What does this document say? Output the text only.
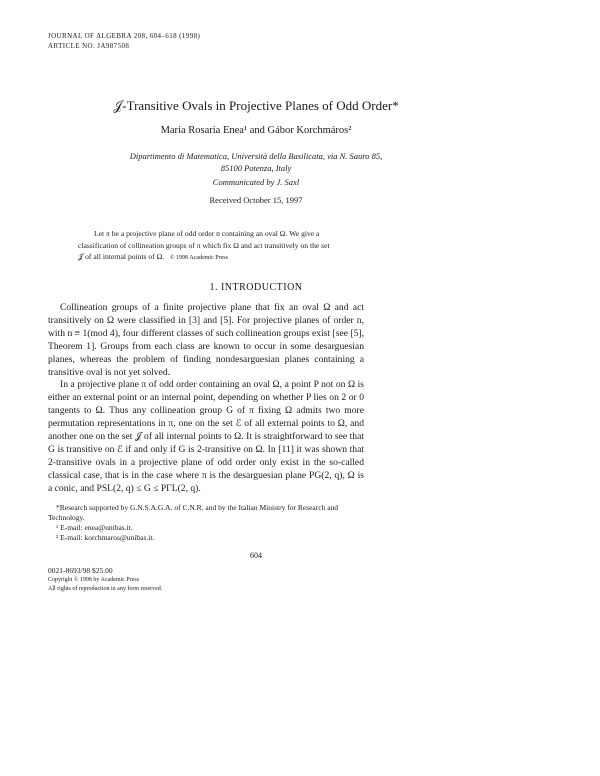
JOURNAL OF ALGEBRA 208, 604–618 (1998)
ARTICLE NO. JA987508
𝒥-Transitive Ovals in Projective Planes of Odd Order*
Maria Rosaria Enea¹ and Gábor Korchmáros²
Dipartimento di Matematica, Università della Basilicata, via N. Sauro 85,
85100 Potenza, Italy
Communicated by J. Saxl
Received October 15, 1997
Let π be a projective plane of odd order n containing an oval Ω. We give a
classification of collineation groups of π which fix Ω and act transitively on the set
𝒥 of all internal points of Ω. © 1998 Academic Press
1. INTRODUCTION

Collineation groups of a finite projective plane that fix an oval Ω and act transitively on Ω were classified in [3] and [5]. For projective planes of order n, with n ≡ 1(mod 4), four different classes of such collineation groups exist [see [5], Theorem 1]. Groups from each class are known to occur in some desarguesian planes, whereas the problem of finding nondesarguesian planes containing a transitive oval is not yet solved.

In a projective plane π of odd order containing an oval Ω, a point P not on Ω is either an external point or an internal point, depending on whether P lies on 2 or 0 tangents to Ω. Thus any collineation group G of π fixing Ω admits two more permutation representations in π, one on the set ℰ of all external points to Ω, and another one on the set 𝒥 of all internal points to Ω. It is straightforward to see that G is transitive on ℰ if and only if G is 2-transitive on Ω. In [11] it was shown that 2-transitive ovals in a projective plane of odd order only exist in the so-called classical case, that is in the case where π is the desarguesian plane PG(2, q), Ω is a conic, and PSL(2, q) ≤ G ≤ PΓL(2, q).

*Research supported by G.N.S.A.G.A. of C.N.R. and by the Italian Ministry for Research and Technology.
¹ E-mail: enea@unibas.it.
² E-mail: korchmaros@unibas.it.
604
0021-8693/98 $25.00
Copyright © 1998 by Academic Press
All rights of reproduction in any form reserved.
